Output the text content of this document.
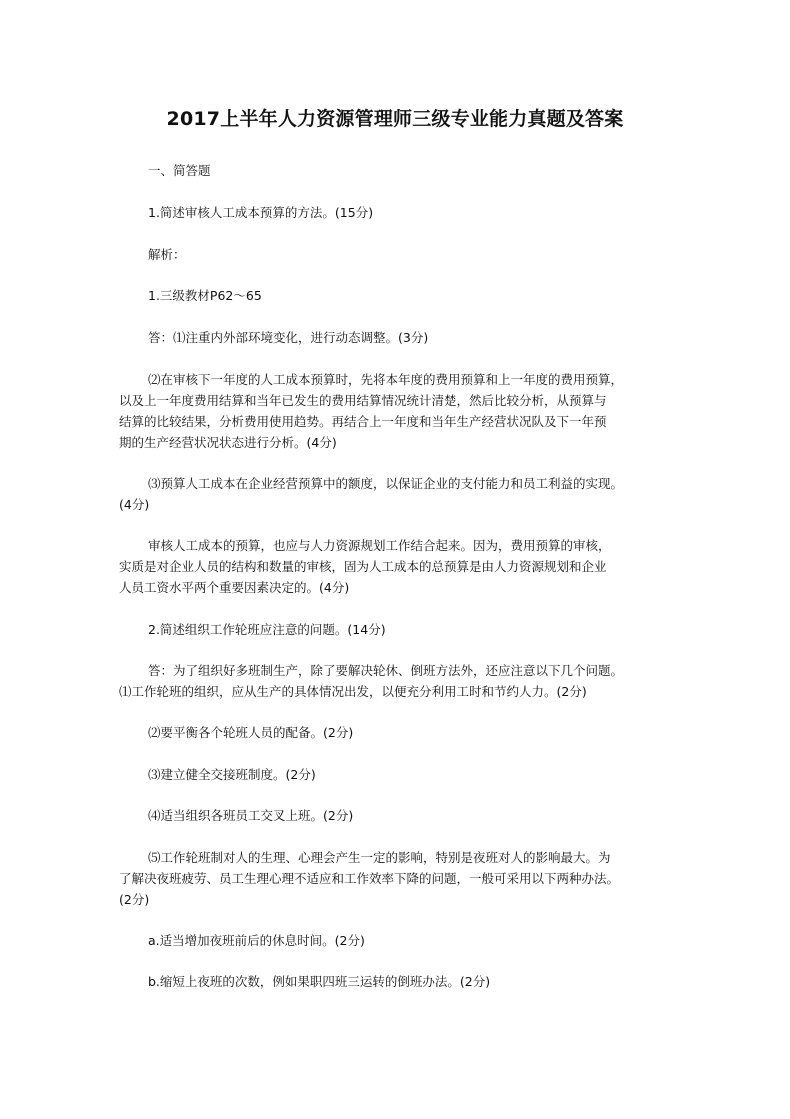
2017上半年人力资源管理师三级专业能力真题及答案

一、简答题

1.简述审核人工成本预算的方法。(15分)

解析：

1.三级教材P62～65

答：⑴注重内外部环境变化，进行动态调整。(3分)

⑵在审核下一年度的人工成本预算时，先将本年度的费用预算和上一年度的费用预算，
以及上一年度费用结算和当年已发生的费用结算情况统计清楚，然后比较分析，从预算与
结算的比较结果，分析费用使用趋势。再结合上一年度和当年生产经营状况队及下一年预
期的生产经营状况状态进行分析。(4分)
⑶预算人工成本在企业经营预算中的额度，以保证企业的支付能力和员工利益的实现。
(4分)
审核人工成本的预算，也应与人力资源规划工作结合起来。因为，费用预算的审核，
实质是对企业人员的结构和数量的审核，固为人工成本的总预算是由人力资源规划和企业
人员工资水平两个重要因素决定的。(4分)

2.简述组织工作轮班应注意的问题。(14分)

答：为了组织好多班制生产，除了要解决轮休、倒班方法外，还应注意以下几个问题。
⑴工作轮班的组织，应从生产的具体情况出发，以便充分利用工时和节约人力。(2分)

⑵要平衡各个轮班人员的配备。(2分)

⑶建立健全交接班制度。(2分)

⑷适当组织各班员工交叉上班。(2分)

⑸工作轮班制对人的生理、心理会产生一定的影响，特别是夜班对人的影响最大。为
了解决夜班疲劳、员工生理心理不适应和工作效率下降的问题，一般可采用以下两种办法。
(2分)

a.适当增加夜班前后的休息时间。(2分)

b.缩短上夜班的次数，例如果职四班三运转的倒班办法。(2分)
